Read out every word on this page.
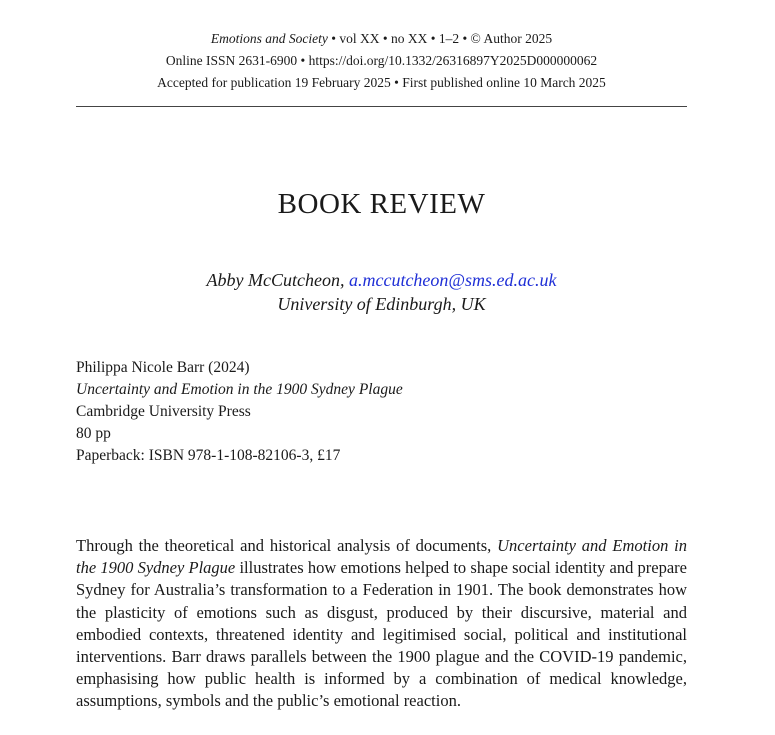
Emotions and Society • vol XX • no XX • 1–2 • © Author 2025
Online ISSN 2631-6900 • https://doi.org/10.1332/26316897Y2025D000000062
Accepted for publication 19 February 2025 • First published online 10 March 2025
BOOK REVIEW
Abby McCutcheon, a.mccutcheon@sms.ed.ac.uk
University of Edinburgh, UK
Philippa Nicole Barr (2024)
Uncertainty and Emotion in the 1900 Sydney Plague
Cambridge University Press
80 pp
Paperback: ISBN 978-1-108-82106-3, £17

Through the theoretical and historical analysis of documents, Uncertainty and Emotion in the 1900 Sydney Plague illustrates how emotions helped to shape social identity and prepare Sydney for Australia’s transformation to a Federation in 1901. The book demonstrates how the plasticity of emotions such as disgust, produced by their discursive, material and embodied contexts, threatened identity and legitimised social, political and institutional interventions. Barr draws parallels between the 1900 plague and the COVID-19 pandemic, emphasising how public health is informed by a combination of medical knowledge, assumptions, symbols and the public’s emotional reaction.
